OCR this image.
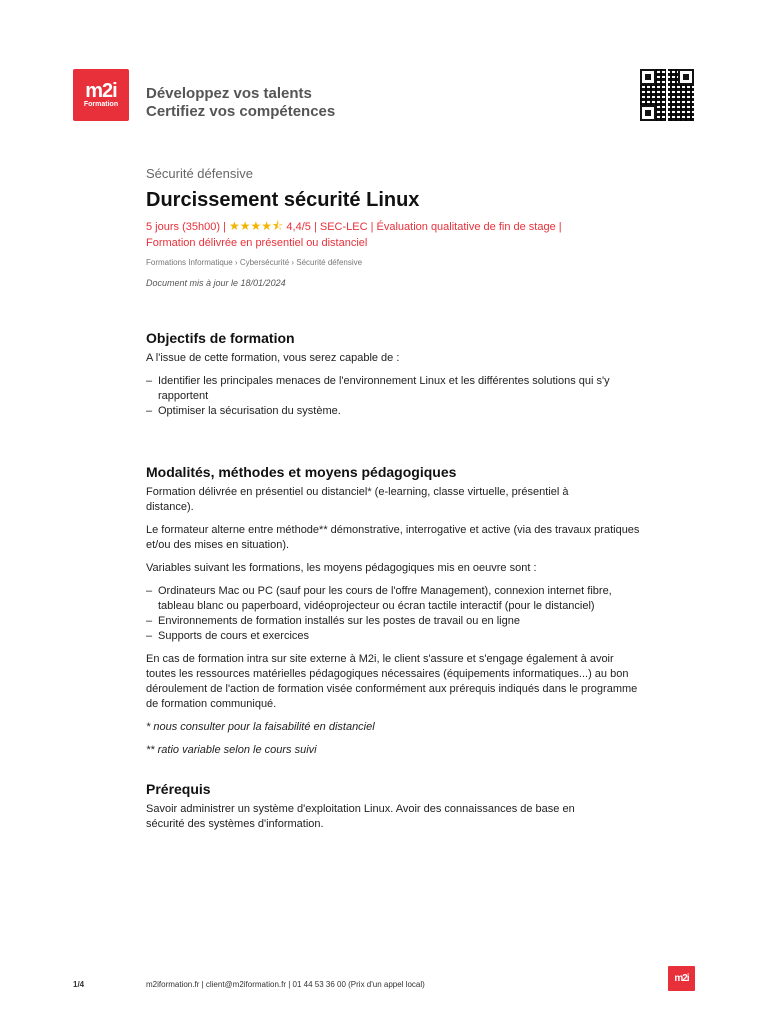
m2i
Formation
Développez vos talents
Certifiez vos compétences

Sécurité défensive

Durcissement sécurité Linux
5 jours (35h00) | ★★★★⯪ 4,4/5 | SEC-LEC | Évaluation qualitative de fin de stage |
Formation délivrée en présentiel ou distanciel
Formations Informatique › Cybersécurité › Sécurité défensive
Document mis à jour le 18/01/2024
Objectifs de formation

A l'issue de cette formation, vous serez capable de :

– Identifier les principales menaces de l'environnement Linux et les différentes solutions qui s'y rapportent
– Optimiser la sécurisation du système.
Modalités, méthodes et moyens pédagogiques

Formation délivrée en présentiel ou distanciel* (e-learning, classe virtuelle, présentiel à distance).

Le formateur alterne entre méthode** démonstrative, interrogative et active (via des travaux pratiques et/ou des mises en situation).

Variables suivant les formations, les moyens pédagogiques mis en oeuvre sont :

– Ordinateurs Mac ou PC (sauf pour les cours de l'offre Management), connexion internet fibre, tableau blanc ou paperboard, vidéoprojecteur ou écran tactile interactif (pour le distanciel)
– Environnements de formation installés sur les postes de travail ou en ligne
– Supports de cours et exercices

En cas de formation intra sur site externe à M2i, le client s'assure et s'engage également à avoir toutes les ressources matérielles pédagogiques nécessaires (équipements informatiques...) au bon déroulement de l'action de formation visée conformément aux prérequis indiqués dans le programme de formation communiqué.

* nous consulter pour la faisabilité en distanciel

** ratio variable selon le cours suivi

Prérequis

Savoir administrer un système d'exploitation Linux. Avoir des connaissances de base en sécurité des systèmes d'information.

1/4	m2iformation.fr | client@m2iformation.fr | 01 44 53 36 00 (Prix d'un appel local)
m2i
